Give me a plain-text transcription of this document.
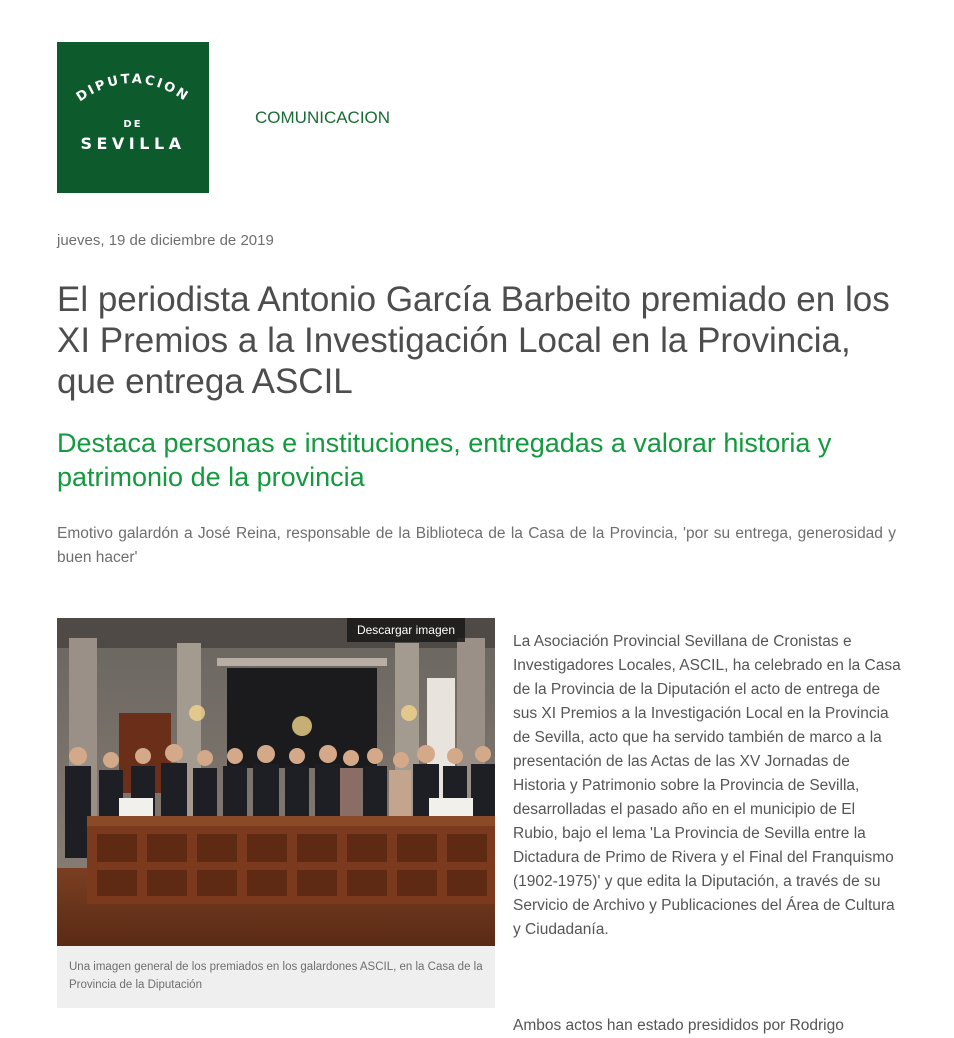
DIPUTACION
DE
SEVILLA
COMUNICACION
jueves, 19 de diciembre de 2019
El periodista Antonio García Barbeito premiado en los XI Premios a la Investigación Local en la Provincia, que entrega ASCIL
Destaca personas e instituciones, entregadas a valorar historia y patrimonio de la provincia

Emotivo galardón a José Reina, responsable de la Biblioteca de la Casa de la Provincia, 'por su entrega, generosidad y buen hacer'

Descargar imagen

Una imagen general de los premiados en los galardones ASCIL, en la Casa de la Provincia de la Diputación

La Asociación Provincial Sevillana de Cronistas e Investigadores Locales, ASCIL, ha celebrado en la Casa de la Provincia de la Diputación el acto de entrega de sus XI Premios a la Investigación Local en la Provincia de Sevilla, acto que ha servido también de marco a la presentación de las Actas de las XV Jornadas de Historia y Patrimonio sobre la Provincia de Sevilla, desarrolladas el pasado año en el municipio de El Rubio, bajo el lema 'La Provincia de Sevilla entre la Dictadura de Primo de Rivera y el Final del Franquismo (1902-1975)' y que edita la Diputación, a través de su Servicio de Archivo y Publicaciones del Área de Cultura y Ciudadanía.

Ambos actos han estado presididos por Rodrigo
